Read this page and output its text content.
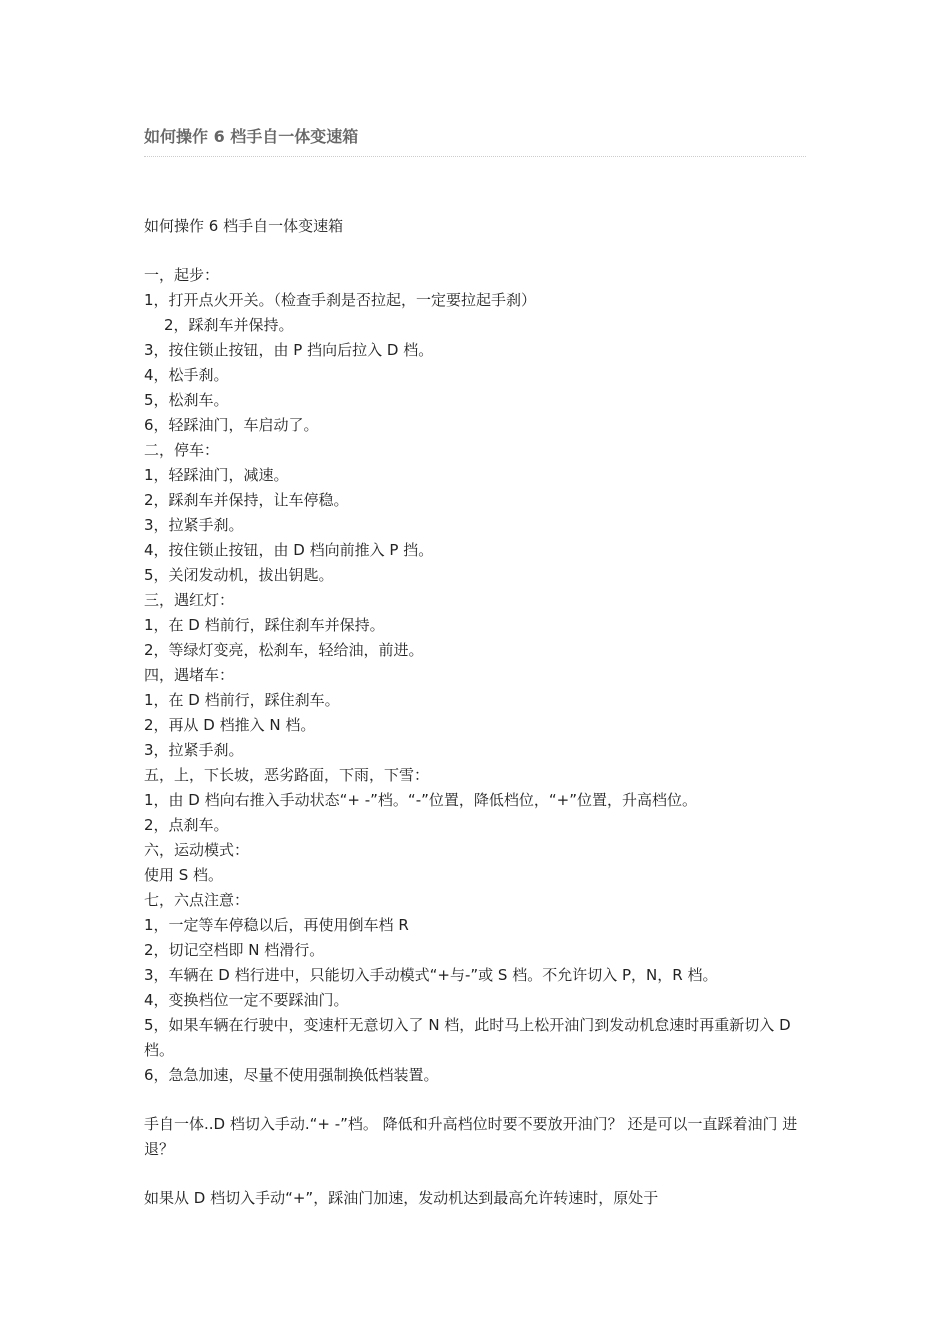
如何操作 6 档手自一体变速箱

如何操作 6 档手自一体变速箱

一，起步：
1，打开点火开关。（检查手刹是否拉起，一定要拉起手刹）
2，踩刹车并保持。
3，按住锁止按钮，由 P 挡向后拉入 D 档。
4，松手刹。
5，松刹车。
6，轻踩油门，车启动了。
二，停车：
1，轻踩油门，减速。
2，踩刹车并保持，让车停稳。
3，拉紧手刹。
4，按住锁止按钮，由 D 档向前推入 P 挡。
5，关闭发动机，拔出钥匙。
三，遇红灯：
1，在 D 档前行，踩住刹车并保持。
2，等绿灯变亮，松刹车，轻给油，前进。
四，遇堵车：
1，在 D 档前行，踩住刹车。
2，再从 D 档推入 N 档。
3，拉紧手刹。
五，上，下长坡，恶劣路面，下雨，下雪：
1，由 D 档向右推入手动状态“+ -”档。“-”位置，降低档位，“+”位置，升高档位。
2，点刹车。
六，运动模式：
使用 S 档。
七，六点注意：
1，一定等车停稳以后，再使用倒车档 R
2，切记空档即 N 档滑行。
3，车辆在 D 档行进中，只能切入手动模式“+与-”或 S 档。不允许切入 P，N，R 档。
4，变换档位一定不要踩油门。
5，如果车辆在行驶中，变速杆无意切入了 N 档，此时马上松开油门到发动机怠速时再重新切入 D 档。
6，急急加速，尽量不使用强制换低档装置。
手自一体..D 档切入手动.“+ -”档。 降低和升高档位时要不要放开油门？ 还是可以一直踩着油门 进退？
如果从 D 档切入手动“+”，踩油门加速，发动机达到最高允许转速时，原处于
